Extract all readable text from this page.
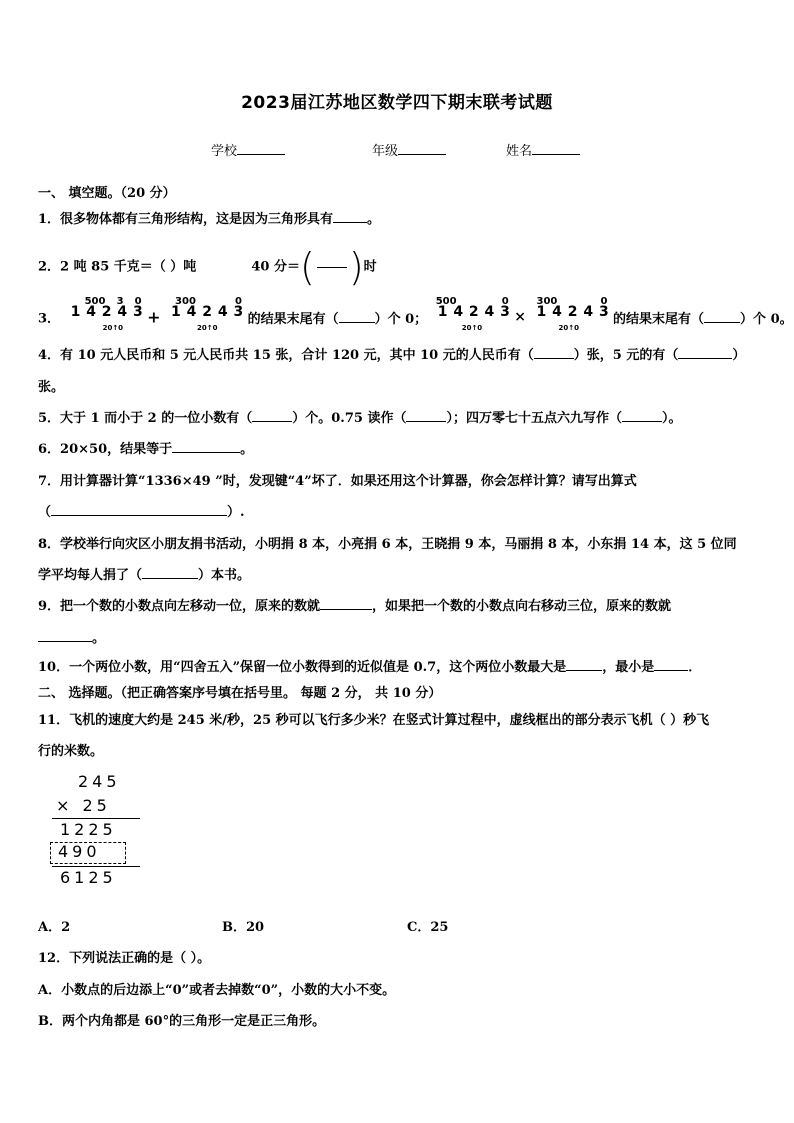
2023届江苏地区数学四下期末联考试题
学校	年级	姓名
一、 填空题。（20 分）
1．很多物体都有三角形结构，这是因为三角形具有	。
2．2 吨 85 千克＝（ ）吨	40 分＝ ( ) 时
3．
500 3
1 4 2 4 3
0
20↑0
+
300
1 4 2 4 3
0
20↑0
的结果末尾有（	）个 0；
500
1 4 2 4 3
0
20↑0
×
300
1 4 2 4 3
0
20↑0
的结果末尾有（	）个 0。
4．有 10 元人民币和 5 元人民币共 15 张，合计 120 元，其中 10 元的人民币有（	）张，5 元的有（	）
张。
5．大于 1 而小于 2 的一位小数有（	）个。0.75 读作（	）；四万零七十五点六九写作（	）。
6．20×50，结果等于	。
7．用计算器计算“1336×49 ”时，发现键“4”坏了．如果还用这个计算器，你会怎样计算？请写出算式
（	）.
8．学校举行向灾区小朋友捐书活动，小明捐 8 本，小亮捐 6 本，王晓捐 9 本，马丽捐 8 本，小东捐 14 本，这 5 位同
学平均每人捐了（	）本书。
9．把一个数的小数点向左移动一位，原来的数就	，如果把一个数的小数点向右移动三位，原来的数就
。
10．一个两位小数，用“四舍五入”保留一位小数得到的近似值是 0.7，这个两位小数最大是	，最小是	．
二、 选择题。（把正确答案序号填在括号里。 每题 2 分， 共 10 分）
11．飞机的速度大约是 245 米/秒，25 秒可以飞行多少米？在竖式计算过程中，虚线框出的部分表示飞机（ ）秒飞
行的米数。
245
× 25
1225
490
6125
A．2	B．20	C．25
12．下列说法正确的是（ ）。
A．小数点的后边添上“0”或者去掉数“0”，小数的大小不变。
B．两个内角都是 60°的三角形一定是正三角形。
